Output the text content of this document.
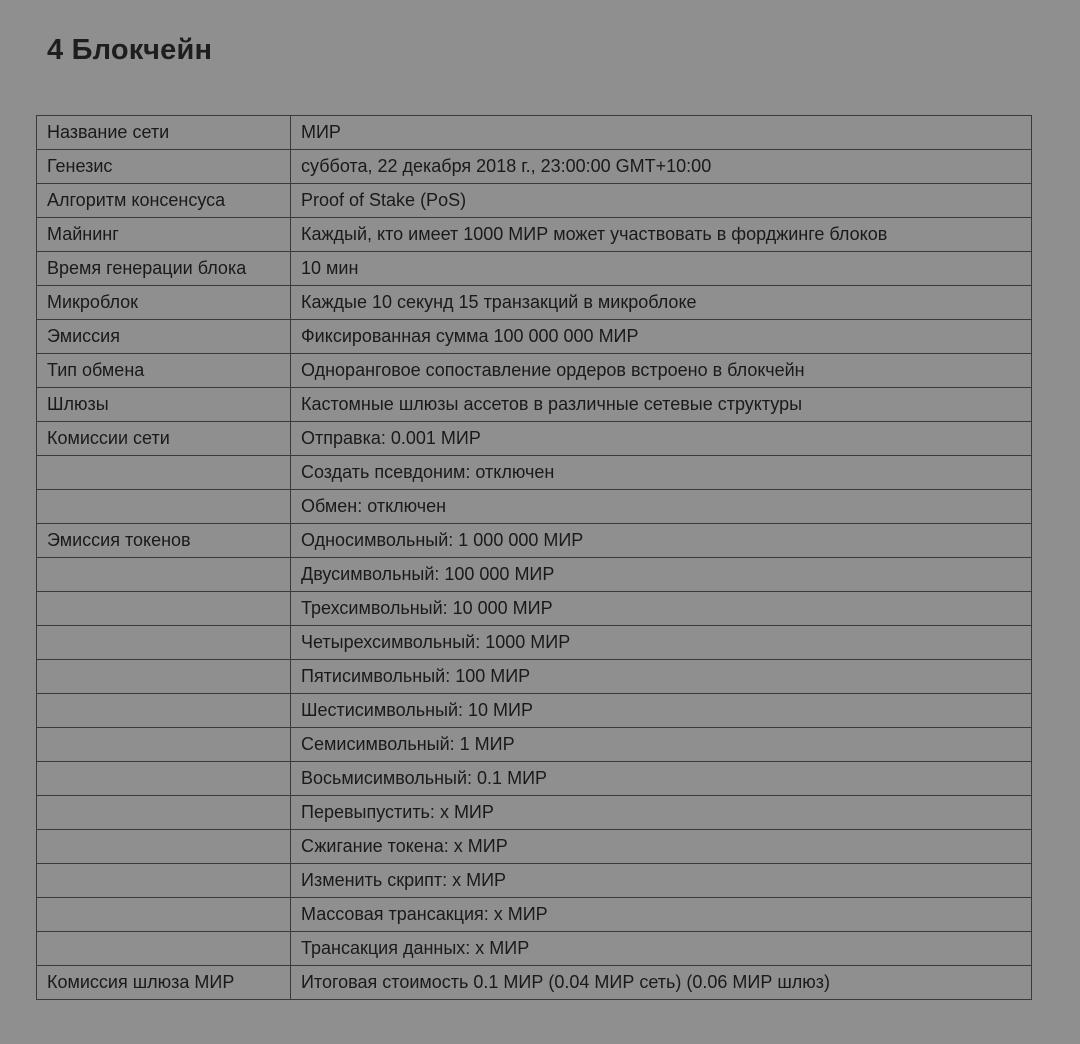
4 Блокчейн
Название сети	МИР
Генезис	суббота, 22 декабря 2018 г., 23:00:00 GMT+10:00
Алгоритм консенсуса	Proof of Stake (PoS)
Майнинг	Каждый, кто имеет 1000 МИР может участвовать в форджинге блоков
Время генерации блока	10 мин
Микроблок	Каждые 10 секунд 15 транзакций в микроблоке
Эмиссия	Фиксированная сумма 100 000 000 МИР
Тип обмена	Одноранговое сопоставление ордеров встроено в блокчейн
Шлюзы	Кастомные шлюзы ассетов в различные сетевые структуры
Комиссии сети	Отправка: 0.001 МИР
	Создать псевдоним: отключен
	Обмен: отключен
Эмиссия токенов	Односимвольный: 1 000 000 МИР
	Двусимвольный: 100 000 МИР
	Трехсимвольный: 10 000 МИР
	Четырехсимвольный: 1000 МИР
	Пятисимвольный: 100 МИР
	Шестисимвольный: 10 МИР
	Семисимвольный: 1 МИР
	Восьмисимвольный: 0.1 МИР
	Перевыпустить: x МИР
	Сжигание токена: x МИР
	Изменить скрипт: x МИР
	Массовая трансакция: x МИР
	Трансакция данных: x МИР
Комиссия шлюза МИР	Итоговая стоимость 0.1 МИР (0.04 МИР сеть) (0.06 МИР шлюз)
